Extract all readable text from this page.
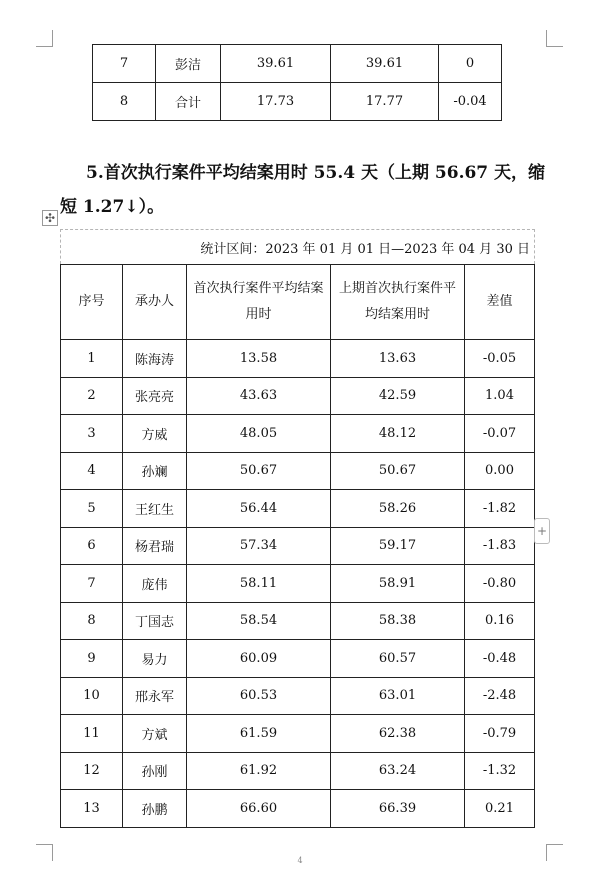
7	彭洁	39.61	39.61	0
8	合计	17.73	17.77	-0.04
5.首次执行案件平均结案用时 55.4 天（上期 56.67 天，缩
短 1.27↓）。
✣
统计区间：2023 年 01 月 01 日—2023 年 04 月 30 日
序号	承办人	首次执行案件平均结案用时	上期首次执行案件平均结案用时	差值
1	陈海涛	13.58	13.63	-0.05
2	张亮亮	43.63	42.59	1.04
3	方威	48.05	48.12	-0.07
4	孙斓	50.67	50.67	0.00
5	王红生	56.44	58.26	-1.82
6	杨君瑞	57.34	59.17	-1.83
7	庞伟	58.11	58.91	-0.80
8	丁国志	58.54	58.38	0.16
9	易力	60.09	60.57	-0.48
10	邢永军	60.53	63.01	-2.48
11	方斌	61.59	62.38	-0.79
12	孙刚	61.92	63.24	-1.32
13	孙鹏	66.60	66.39	0.21
+
4
